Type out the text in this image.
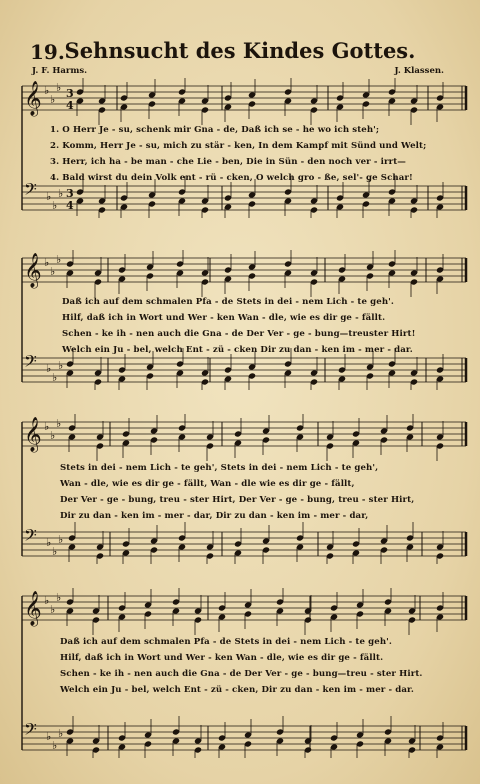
19. Sehnsucht des Kindes Gottes.
J. F. Harms.	J. Klassen.
𝄞 ♭
♭
♭ 3
4
𝄢 ♭
♭
♭ 3
4
1. O Herr Je - su, schenk mir Gna - de, Daß ich se - he wo ich steh';
2. Komm, Herr Je - su, mich zu stär - ken, In dem Kampf mit Sünd und Welt;
3. Herr, ich ha - be man - che Lie - ben, Die in Sün - den noch ver - irrt—
4. Bald wirst du dein Volk ent - rü - cken, O welch gro - ße, sel'- ge Schar!
𝄞 ♭
♭
♭
𝄢 ♭
♭
♭
Daß ich auf dem schmalen Pfa - de Stets in dei - nem Lich - te geh'.
Hilf, daß ich in Wort und Wer - ken Wan - dle, wie es dir ge - fällt.
Schen - ke ih - nen auch die Gna - de Der Ver - ge - bung—treuster Hirt!
Welch ein Ju - bel, welch Ent - zü - cken Dir zu dan - ken im - mer - dar.
𝄞 ♭
♭
♭
𝄢 ♭
♭
♭
Stets in dei - nem Lich - te geh', Stets in dei - nem Lich - te geh',
Wan - dle, wie es dir ge - fällt, Wan - dle wie es dir ge - fällt,
Der Ver - ge - bung, treu - ster Hirt, Der Ver - ge - bung, treu - ster Hirt,
Dir zu dan - ken im - mer - dar, Dir zu dan - ken im - mer - dar,
𝄞 ♭
♭
♭
𝄢 ♭
♭
♭
Daß ich auf dem schmalen Pfa - de Stets in dei - nem Lich - te geh'.
Hilf, daß ich in Wort und Wer - ken Wan - dle, wie es dir ge - fällt.
Schen - ke ih - nen auch die Gna - de Der Ver - ge - bung—treu - ster Hirt.
Welch ein Ju - bel, welch Ent - zü - cken, Dir zu dan - ken im - mer - dar.
